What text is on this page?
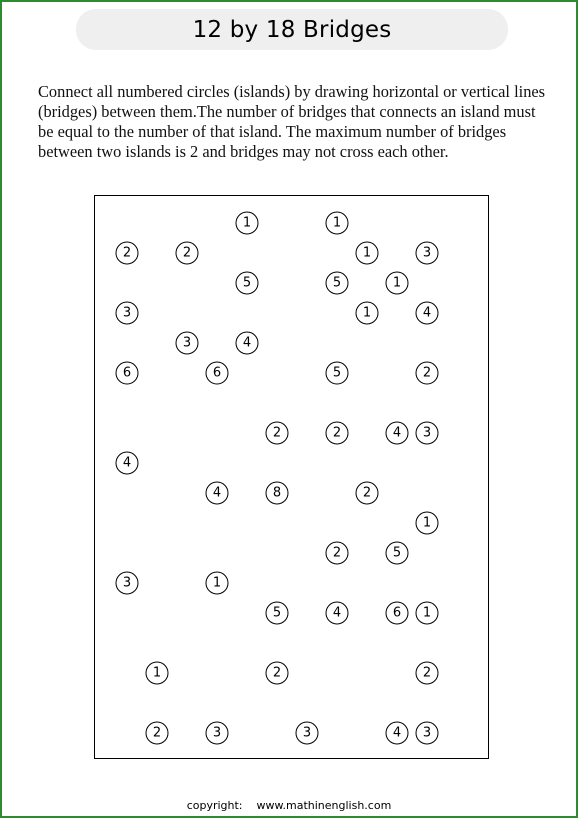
12 by 18 Bridges

Connect all numbered circles (islands) by drawing horizontal or vertical lines (bridges) between them.The number of bridges that connects an island must be equal to the number of that island. The maximum number of bridges between two islands is 2 and bridges may not cross each other.

1	1
2	2	1	3
5	5	1
3	1	4
3	4
6	6	5	2
2	2	4	3
4
4	8	2
1
2	5
3	1
5	4	6	1
1	2	2
2	3	3	4	3
copyright: www.mathinenglish.com
